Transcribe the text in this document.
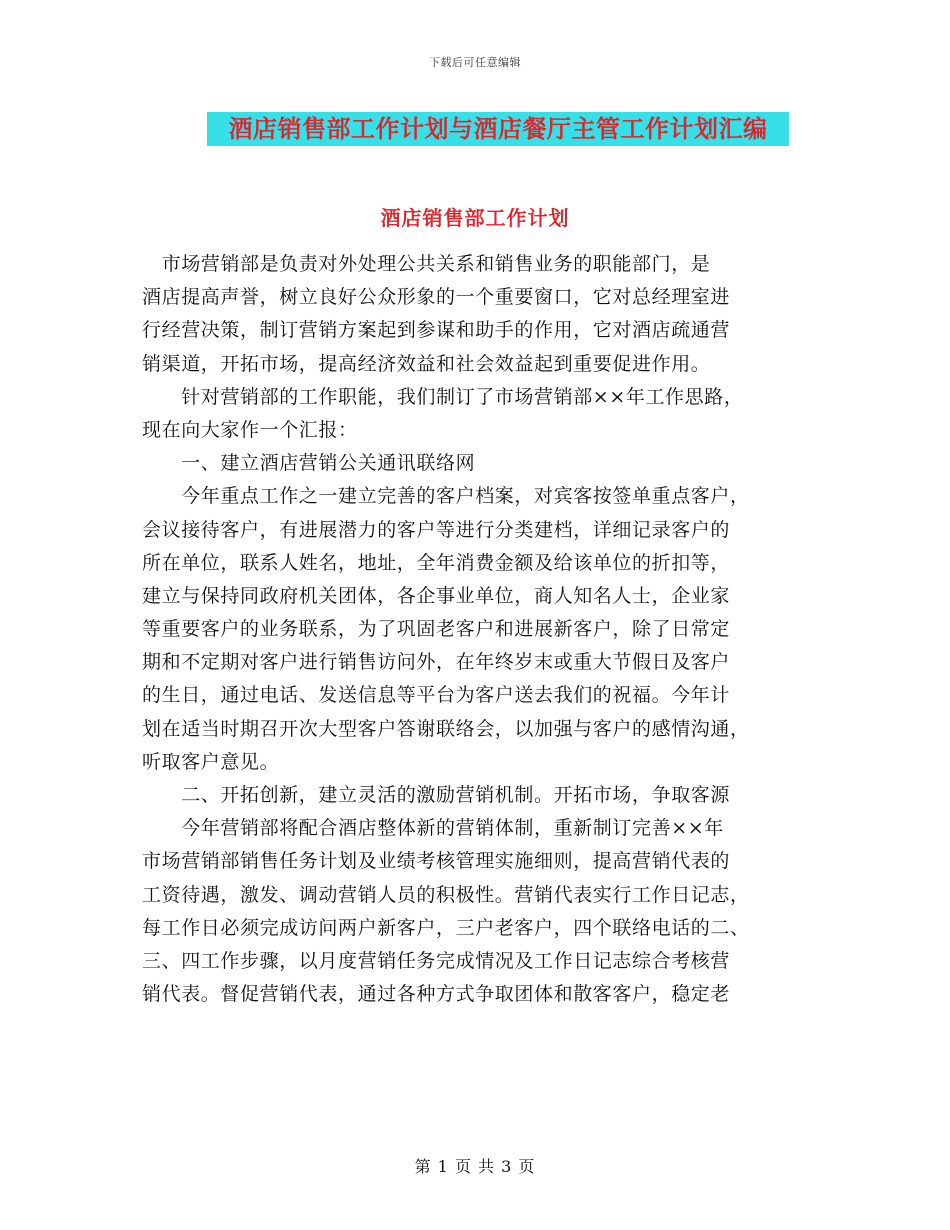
下载后可任意编辑
酒店销售部工作计划与酒店餐厅主管工作计划汇编
酒店销售部工作计划
　市场营销部是负责对外处理公共关系和销售业务的职能部门，是
酒店提高声誉，树立良好公众形象的一个重要窗口，它对总经理室进
行经营决策，制订营销方案起到参谋和助手的作用，它对酒店疏通营
销渠道，开拓市场，提高经济效益和社会效益起到重要促进作用。
　　针对营销部的工作职能，我们制订了市场营销部××年工作思路，
现在向大家作一个汇报：
　　一、建立酒店营销公关通讯联络网
　　今年重点工作之一建立完善的客户档案，对宾客按签单重点客户，
会议接待客户，有进展潜力的客户等进行分类建档，详细记录客户的
所在单位，联系人姓名，地址，全年消费金额及给该单位的折扣等，
建立与保持同政府机关团体，各企事业单位，商人知名人士，企业家
等重要客户的业务联系，为了巩固老客户和进展新客户，除了日常定
期和不定期对客户进行销售访问外，在年终岁末或重大节假日及客户
的生日，通过电话、发送信息等平台为客户送去我们的祝福。今年计
划在适当时期召开次大型客户答谢联络会，以加强与客户的感情沟通，
听取客户意见。
　　二、开拓创新，建立灵活的激励营销机制。开拓市场，争取客源
　　今年营销部将配合酒店整体新的营销体制，重新制订完善××年
市场营销部销售任务计划及业绩考核管理实施细则，提高营销代表的
工资待遇，激发、调动营销人员的积极性。营销代表实行工作日记志，
每工作日必须完成访问两户新客户，三户老客户，四个联络电话的二、
三、四工作步骤，以月度营销任务完成情况及工作日记志综合考核营
销代表。督促营销代表，通过各种方式争取团体和散客客户，稳定老
第 1 页 共 3 页
